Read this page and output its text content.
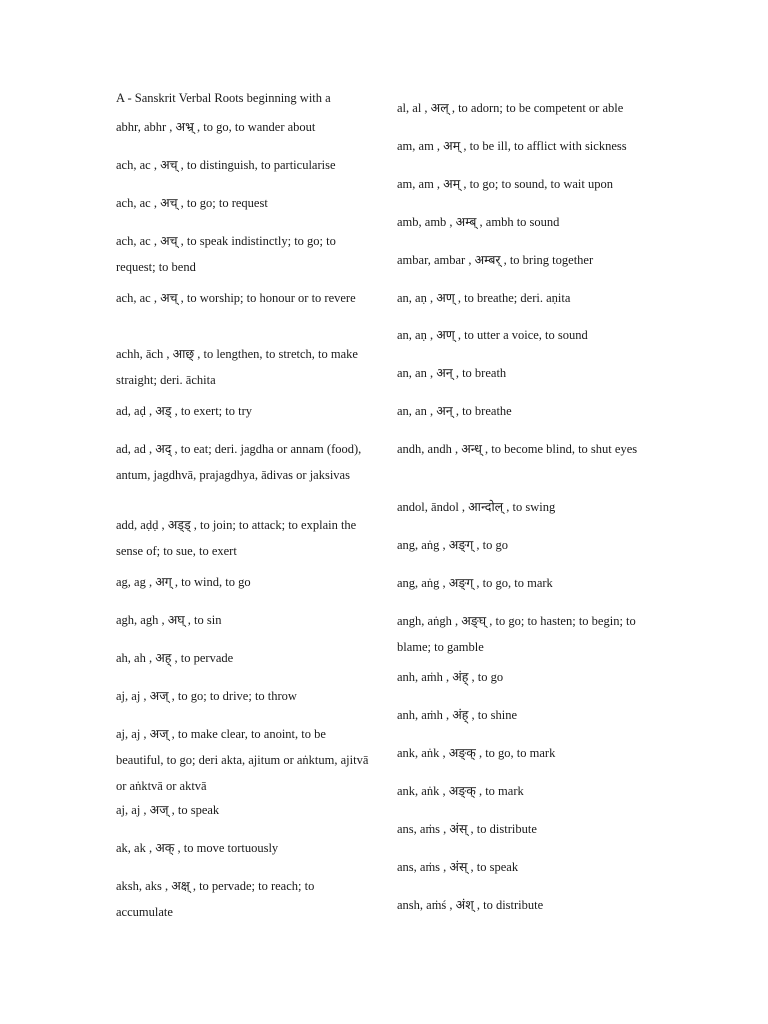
A - Sanskrit Verbal Roots beginning with a
abhr, abhr , अभ्र् , to go, to wander about
ach, ac , अच् , to distinguish, to particularise
ach, ac , अच् , to go; to request
ach, ac , अच् , to speak indistinctly; to go; to request; to bend
ach, ac , अच् , to worship; to honour or to revere
achh, āch , आछ् , to lengthen, to stretch, to make straight; deri. āchita
ad, aḍ , अड् , to exert; to try
ad, ad , अद् , to eat; deri. jagdha or annam (food), antum, jagdhvā, prajagdhya, ādivas or jaksivas
add, aḍḍ , अड्ड् , to join; to attack; to explain the sense of; to sue, to exert
ag, ag , अग् , to wind, to go
agh, agh , अघ् , to sin
ah, ah , अह् , to pervade
aj, aj , अज् , to go; to drive; to throw
aj, aj , अज् , to make clear, to anoint, to be beautiful, to go; deri akta, ajitum or aṅktum, ajitvā or aṅktvā or aktvā
aj, aj , अज् , to speak
ak, ak , अक् , to move tortuously
aksh, aks , अक्ष् , to pervade; to reach; to accumulate
al, al , अल् , to adorn; to be competent or able
am, am , अम् , to be ill, to afflict with sickness
am, am , अम् , to go; to sound, to wait upon
amb, amb , अम्ब् , ambh to sound
ambar, ambar , अम्बर् , to bring together
an, aṇ , अण् , to breathe; deri. aṇita
an, aṇ , अण् , to utter a voice, to sound
an, an , अन् , to breath
an, an , अन् , to breathe
andh, andh , अन्ध् , to become blind, to shut eyes
andol, āndol , आन्दोल् , to swing
ang, aṅg , अङ्ग् , to go
ang, aṅg , अङ्ग् , to go, to mark
angh, aṅgh , अङ्घ् , to go; to hasten; to begin; to blame; to gamble
anh, aṁh , अंह् , to go
anh, aṁh , अंह् , to shine
ank, aṅk , अङ्क् , to go, to mark
ank, aṅk , अङ्क् , to mark
ans, aṁs , अंस् , to distribute
ans, aṁs , अंस् , to speak
ansh, aṁś , अंश् , to distribute
